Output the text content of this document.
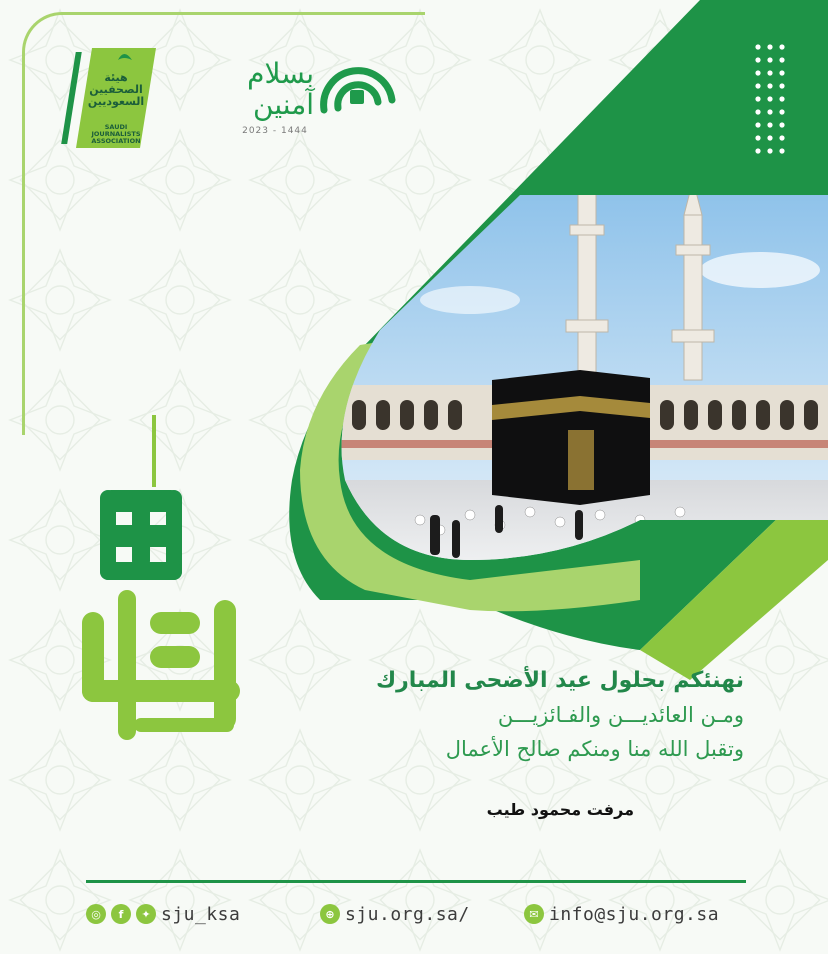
هيئة الصحفيين السعوديين
SAUDI JOURNALISTS ASSOCIATION
بسلام
آمنين
2023 - 1444
نهنئكم بحلول عيد الأضحى المبارك
ومـن العائديـــن والفـائزيـــن
وتقبل الله منا ومنكم صالح الأعمال
مرفت محمود طيب
◎	f	✦ sju_ksa	⊕ sju.org.sa/	✉ info@sju.org.sa
